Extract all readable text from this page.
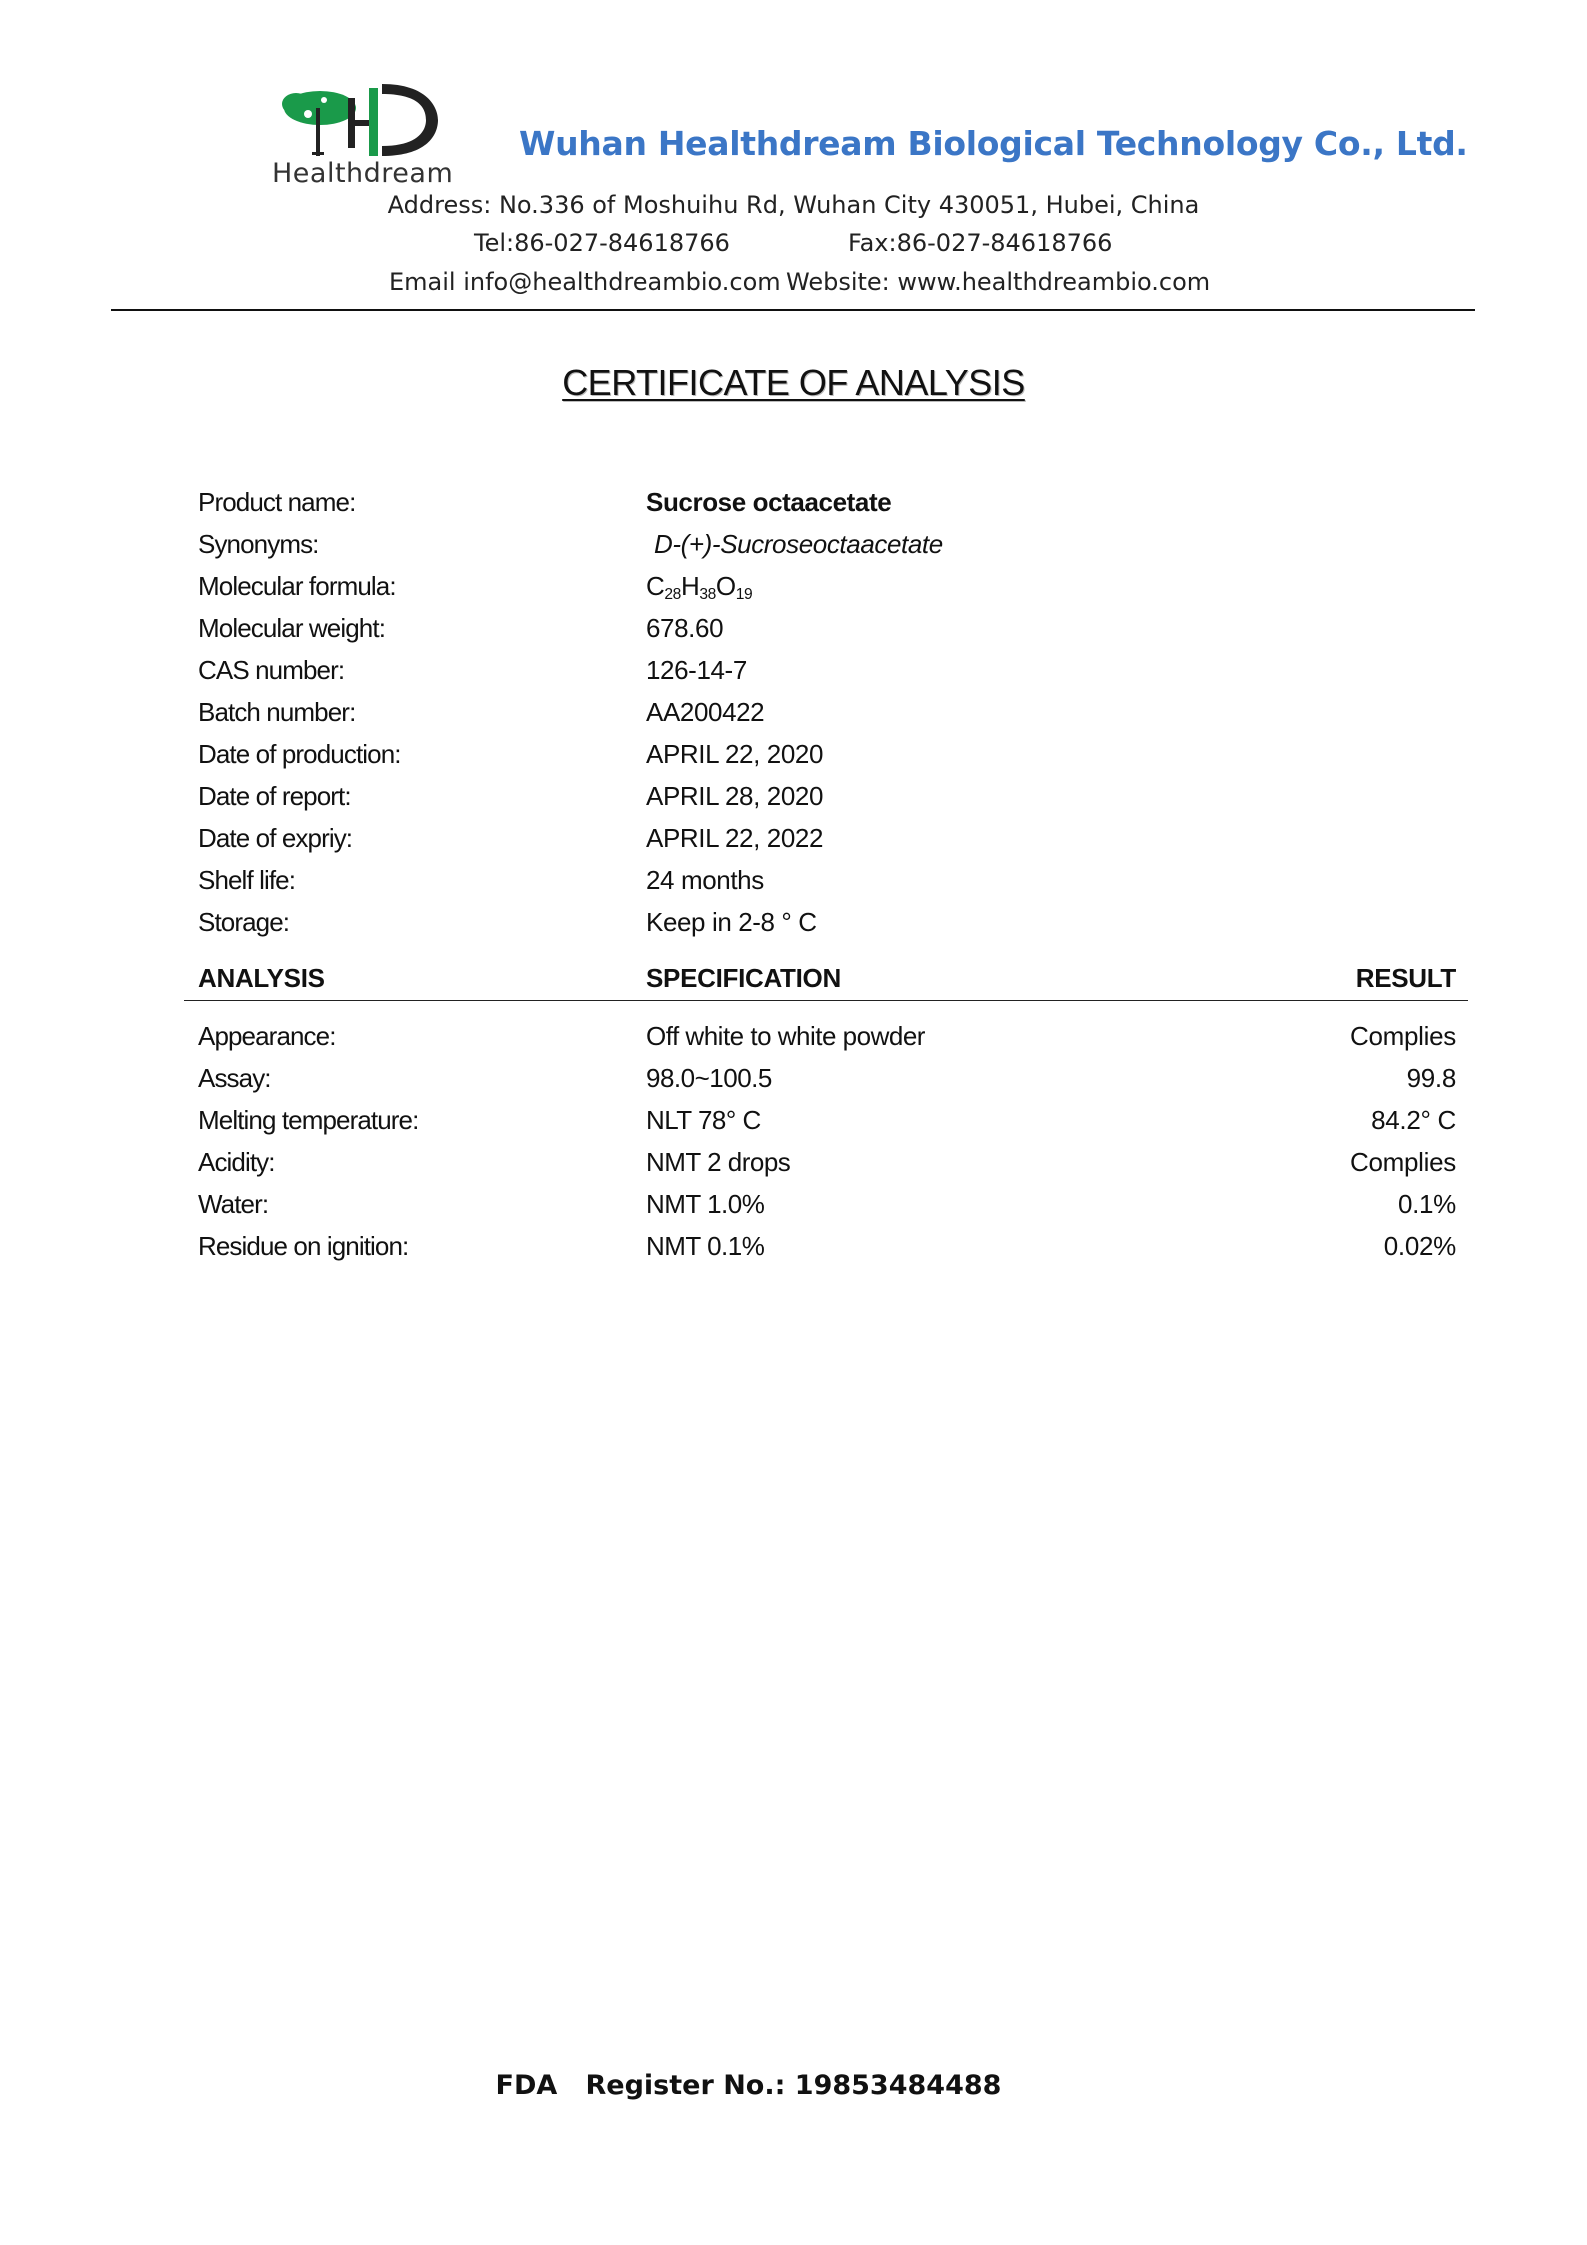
Healthdream
Wuhan Healthdream Biological Technology Co., Ltd.
Address: No.336 of Moshuihu Rd, Wuhan City 430051, Hubei, China
Tel:86-027-84618766	Fax:86-027-84618766
Email info@healthdreambio.com Website: www.healthdreambio.com
CERTIFICATE OF ANALYSIS
Product name:	Sucrose octaacetate
Synonyms:	D-(+)-Sucroseoctaacetate
Molecular formula:	$C_{28}H_{38}O_{19}$
Molecular weight:	678.60
CAS number:	126-14-7
Batch number:	AA200422
Date of production:	APRIL 22, 2020
Date of report:	APRIL 28, 2020
Date of expriy:	APRIL 22, 2022
Shelf life:	24 months
Storage:	Keep in 2-8 ° C
ANALYSIS	SPECIFICATION	RESULT
Appearance:	Off white to white powder	Complies
Assay:	98.0~100.5	99.8
Melting temperature:	NLT 78° C	84.2° C
Acidity:	NMT 2 drops	Complies
Water:	NMT 1.0%	0.1%
Residue on ignition:	NMT 0.1%	0.02%
FDA   Register No.: 19853484488
